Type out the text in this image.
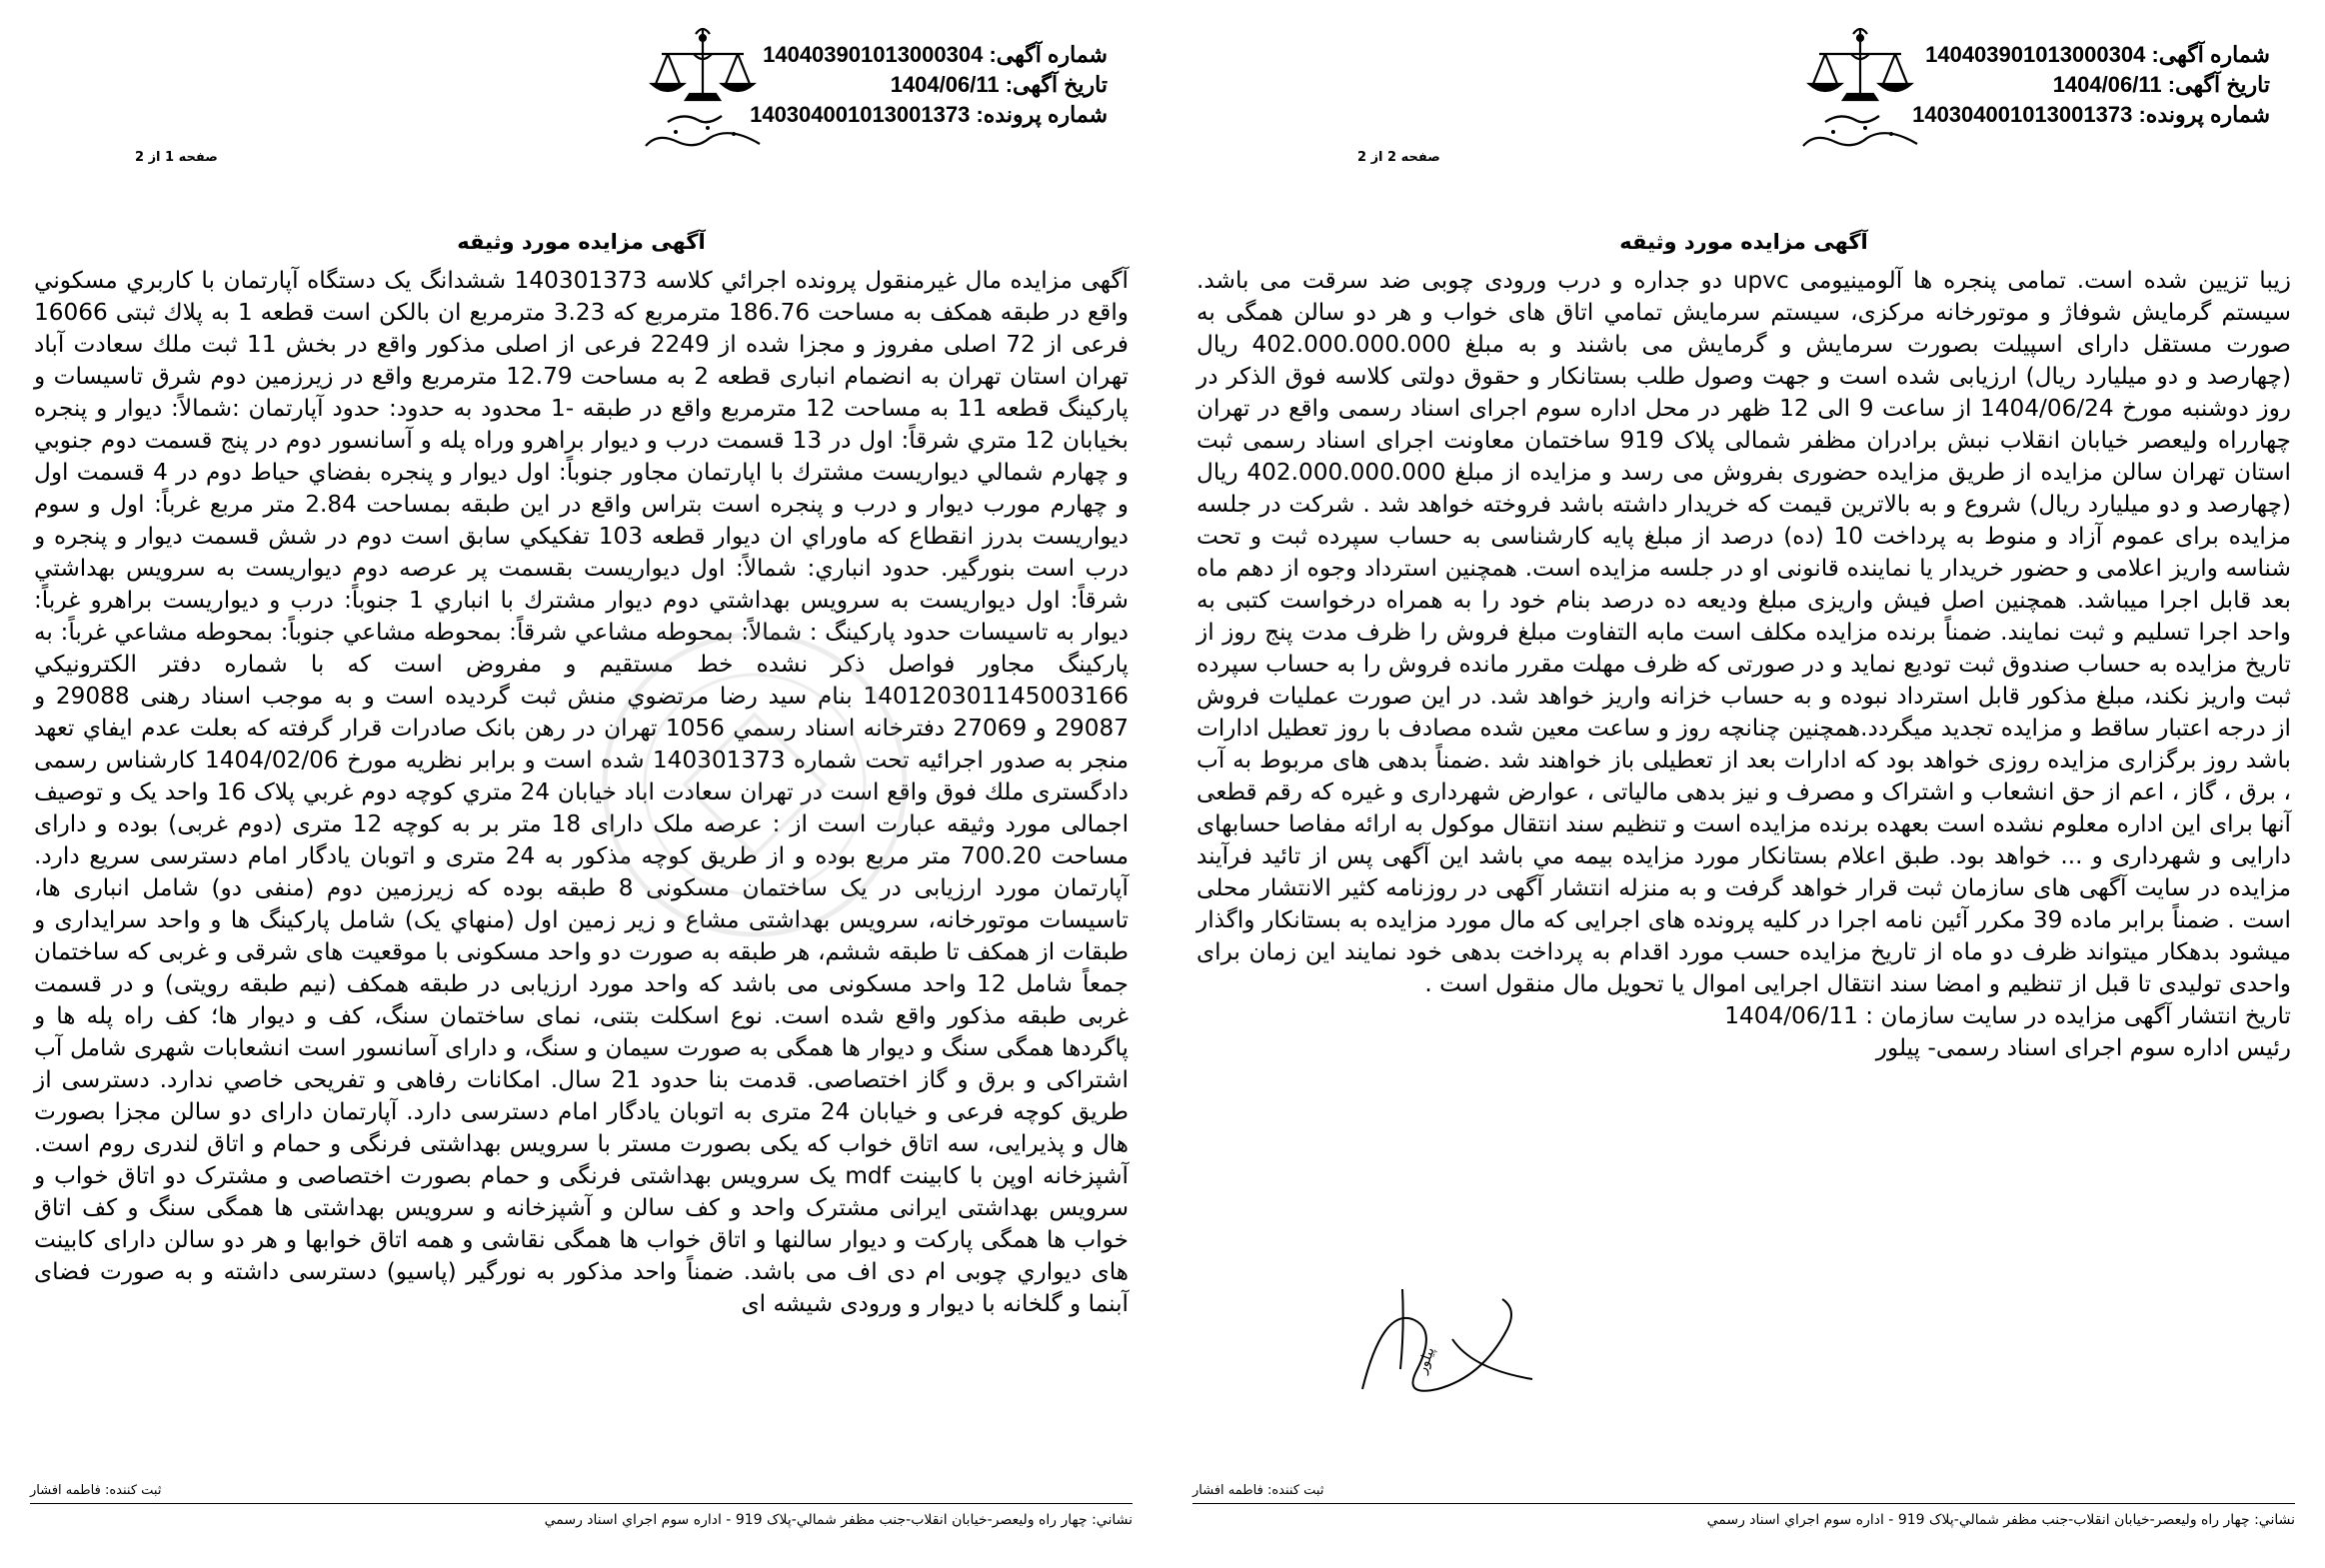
شماره آگهی: 140403901013000304
تاریخ آگهی: 1404/06/11
شماره پرونده: 140304001013001373
صفحه 2 از 2
آگهی مزایده مورد وثیقه

زيبا تزيين شده است. تمامی پنجره ها آلومينيومی upvc دو جداره و درب ورودی چوبی ضد سرقت می باشد. سيستم گرمايش شوفاژ و موتورخانه مرکزی، سيستم سرمايش تمامي اتاق های خواب و هر دو سالن همگی به صورت مستقل دارای اسپيلت بصورت سرمايش و گرمايش می باشند و به مبلغ 402.000.000.000 ريال (چهارصد و دو ميليارد ريال) ارزيابی شده است و جهت وصول طلب بستانکار و حقوق دولتی کلاسه فوق الذکر در روز دوشنبه مورخ 1404/06/24 از ساعت 9 الی 12 ظهر در محل اداره سوم اجرای اسناد رسمی واقع در تهران چهارراه وليعصر خيابان انقلاب نبش برادران مظفر شمالی پلاک 919 ساختمان معاونت اجرای اسناد رسمی ثبت استان تهران سالن مزايده از طريق مزايده حضوری بفروش می رسد و مزايده از مبلغ 402.000.000.000 ريال (چهارصد و دو ميليارد ريال) شروع و به بالاترين قيمت که خريدار داشته باشد فروخته خواهد شد . شرکت در جلسه مزايده برای عموم آزاد و منوط به پرداخت 10 (ده) درصد از مبلغ پايه کارشناسی به حساب سپرده ثبت و تحت شناسه واريز اعلامی و حضور خريدار يا نماينده قانونی او در جلسه مزايده است. همچنين استرداد وجوه از دهم ماه بعد قابل اجرا ميباشد. همچنين اصل فيش واريزی مبلغ وديعه ده درصد بنام خود را به همراه درخواست کتبی به واحد اجرا تسليم و ثبت نمايند. ضمناً برنده مزايده مکلف است مابه التفاوت مبلغ فروش را ظرف مدت پنج روز از تاريخ مزايده به حساب صندوق ثبت توديع نمايد و در صورتی که ظرف مهلت مقرر مانده فروش را به حساب سپرده ثبت واريز نکند، مبلغ مذکور قابل استرداد نبوده و به حساب خزانه واريز خواهد شد. در اين صورت عمليات فروش از درجه اعتبار ساقط و مزايده تجديد ميگردد.همچنين چنانچه روز و ساعت معين شده مصادف با روز تعطيل ادارات باشد روز برگزاری مزايده روزی خواهد بود که ادارات بعد از تعطيلی باز خواهند شد .ضمناً بدهی های مربوط به آب ، برق ، گاز ، اعم از حق انشعاب و اشتراک و مصرف و نيز بدهی مالياتی ، عوارض شهرداری و غيره که رقم قطعی آنها برای اين اداره معلوم نشده است بعهده برنده مزايده است و تنظيم سند انتقال موکول به ارائه مفاصا حسابهای دارايی و شهرداری و ... خواهد بود. طبق اعلام بستانکار مورد مزايده بيمه مي باشد اين آگهی پس از تائيد فرآيند مزايده در سايت آگهی های سازمان ثبت قرار خواهد گرفت و به منزله انتشار آگهی در روزنامه کثير الانتشار محلی است . ضمناً برابر ماده 39 مکرر آئين نامه اجرا در کليه پرونده های اجرايی که مال مورد مزايده به بستانکار واگذار ميشود بدهکار ميتواند ظرف دو ماه از تاريخ مزايده حسب مورد اقدام به پرداخت بدهی خود نمايند اين زمان برای واحدی توليدی تا قبل از تنظيم و امضا سند انتقال اجرايی اموال يا تحويل مال منقول است .

تاريخ انتشار آگهی مزايده در سايت سازمان : 1404/06/11

رئيس اداره سوم اجرای اسناد رسمی- پيلور

پيلور
ثبت كننده: فاطمه افشار
نشاني: چهار راه وليعصر-خيابان انقلاب-جنب مظفر شمالي-پلاک 919 - اداره سوم اجراي اسناد رسمي
شماره آگهی: 140403901013000304
تاریخ آگهی: 1404/06/11
شماره پرونده: 140304001013001373
صفحه 1 از 2
آگهی مزایده مورد وثیقه

آگهی مزايده مال غيرمنقول پرونده اجرائي كلاسه 140301373 ششدانگ یک دستگاه آپارتمان با كاربري مسكوني واقع در طبقه همكف به مساحت 186.76 مترمربع كه 3.23 مترمربع ان بالكن است قطعه 1 به پلاك ثبتی 16066 فرعی از 72 اصلی مفروز و مجزا شده از 2249 فرعی از اصلی مذكور واقع در بخش 11 ثبت ملك سعادت آباد تهران استان تهران به انضمام انباری قطعه 2 به مساحت 12.79 مترمربع واقع در زيرزمين دوم شرق تاسيسات و پاركينگ قطعه 11 به مساحت 12 مترمربع واقع در طبقه -1 محدود به حدود: حدود آپارتمان :شمالاً: ديوار و پنجره بخيابان 12 متري شرقاً: اول در 13 قسمت درب و ديوار براهرو وراه پله و آسانسور دوم در پنج قسمت دوم جنوبي و چهارم شمالي ديواريست مشترك با اپارتمان مجاور جنوباً: اول ديوار و پنجره بفضاي حياط دوم در 4 قسمت اول و چهارم مورب ديوار و درب و پنجره است بتراس واقع در اين طبقه بمساحت 2.84 متر مربع غرباً: اول و سوم ديواريست بدرز انقطاع كه ماوراي ان ديوار قطعه 103 تفكيكي سابق است دوم در شش قسمت ديوار و پنجره و درب است بنورگير. حدود انباري: شمالاً: اول ديواريست بقسمت پر عرصه دوم ديواريست به سرويس بهداشتي شرقاً: اول ديواريست به سرويس بهداشتي دوم ديوار مشترك با انباري 1 جنوباً: درب و ديواريست براهرو غرباً: ديوار به تاسيسات حدود پاركينگ : شمالاً: بمحوطه مشاعي شرقاً: بمحوطه مشاعي جنوباً: بمحوطه مشاعي غرباً: به پاركينگ مجاور فواصل ذكر نشده خط مستقيم و مفروض است كه با شماره دفتر الكترونيكي 140120301145003166 بنام سيد رضا مرتضوي منش ثبت گرديده است و به موجب اسناد رهنی 29088 و 29087 و 27069 دفترخانه اسناد رسمي 1056 تهران در رهن بانک صادرات قرار گرفته كه بعلت عدم ايفاي تعهد منجر به صدور اجرائيه تحت شماره 140301373 شده است و برابر نظريه مورخ 1404/02/06 كارشناس رسمی دادگستری ملك فوق واقع است در تهران سعادت اباد خيابان 24 متري کوچه دوم غربي پلاک 16 واحد یک و توصيف اجمالی مورد وثيقه عبارت است از : عرصه ملک دارای 18 متر بر به کوچه 12 متری (دوم غربی) بوده و دارای مساحت 700.20 متر مربع بوده و از طريق كوچه مذكور به 24 متری و اتوبان يادگار امام دسترسی سريع دارد. آپارتمان مورد ارزيابی در يک ساختمان مسکونی 8 طبقه بوده که زيرزمين دوم (منفی دو) شامل انباری ها، تاسيسات موتورخانه، سرويس بهداشتی مشاع و زير زمين اول (منهاي يک) شامل پارکينگ ها و واحد سرايداری و طبقات از همکف تا طبقه ششم، هر طبقه به صورت دو واحد مسکونی با موقعيت های شرقی و غربی که ساختمان جمعاً شامل 12 واحد مسکونی می باشد که واحد مورد ارزيابی در طبقه همکف (نيم طبقه رويتی) و در قسمت غربی طبقه مذکور واقع شده است. نوع اسکلت بتنی، نمای ساختمان سنگ، کف و ديوار ها؛ کف راه پله ها و پاگردها همگی سنگ و ديوار ها همگی به صورت سيمان و سنگ، و دارای آسانسور است انشعابات شهری شامل آب اشتراکی و برق و گاز اختصاصی. قدمت بنا حدود 21 سال. امکانات رفاهی و تفريحی خاصي ندارد. دسترسی از طريق کوچه فرعی و خيابان 24 متری به اتوبان يادگار امام دسترسی دارد. آپارتمان دارای دو سالن مجزا بصورت هال و پذيرايی، سه اتاق خواب که يکی بصورت مستر با سرويس بهداشتی فرنگی و حمام و اتاق لندری روم است. آشپزخانه اوپن با کابينت mdf يک سرويس بهداشتی فرنگی و حمام بصورت اختصاصی و مشترک دو اتاق خواب و سرويس بهداشتی ايرانی مشترک واحد و کف سالن و آشپزخانه و سرويس بهداشتی ها همگی سنگ و کف اتاق خواب ها همگی پارکت و ديوار سالنها و اتاق خواب ها همگی نقاشی و همه اتاق خوابها و هر دو سالن دارای کابينت های ديواري چوبی ام دی اف می باشد. ضمناً واحد مذکور به نورگير (پاسيو) دسترسی داشته و به صورت فضای آبنما و گلخانه با ديوار و ورودی شيشه ای

ثبت كننده: فاطمه افشار
نشاني: چهار راه وليعصر-خيابان انقلاب-جنب مظفر شمالي-پلاک 919 - اداره سوم اجراي اسناد رسمي
